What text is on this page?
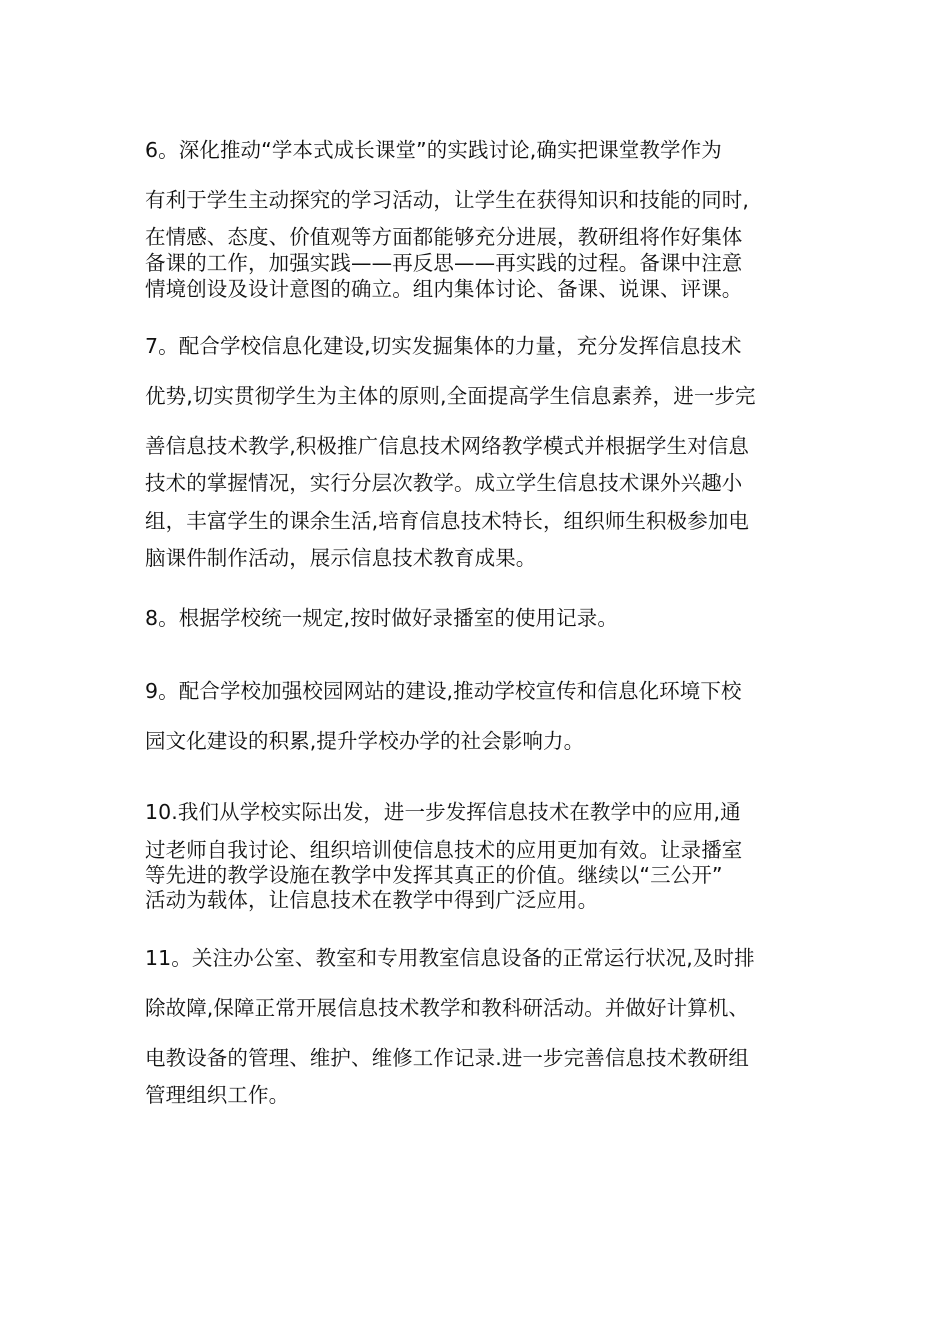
6。深化推动“学本式成长课堂”的实践讨论,确实把课堂教学作为
有利于学生主动探究的学习活动，让学生在获得知识和技能的同时,
在情感、态度、价值观等方面都能够充分进展，教研组将作好集体
备课的工作，加强实践——再反思——再实践的过程。备课中注意
情境创设及设计意图的确立。组内集体讨论、备课、说课、评课。
7。配合学校信息化建设,切实发掘集体的力量，充分发挥信息技术
优势,切实贯彻学生为主体的原则,全面提高学生信息素养，进一步完
善信息技术教学,积极推广信息技术网络教学模式并根据学生对信息
技术的掌握情况，实行分层次教学。成立学生信息技术课外兴趣小
组，丰富学生的课余生活,培育信息技术特长，组织师生积极参加电
脑课件制作活动，展示信息技术教育成果。
8。根据学校统一规定,按时做好录播室的使用记录。
9。配合学校加强校园网站的建设,推动学校宣传和信息化环境下校
园文化建设的积累,提升学校办学的社会影响力。
10.我们从学校实际出发，进一步发挥信息技术在教学中的应用,通
过老师自我讨论、组织培训使信息技术的应用更加有效。让录播室
等先进的教学设施在教学中发挥其真正的价值。继续以“三公开”
活动为载体，让信息技术在教学中得到广泛应用。
11。关注办公室、教室和专用教室信息设备的正常运行状况,及时排
除故障,保障正常开展信息技术教学和教科研活动。并做好计算机、
电教设备的管理、维护、维修工作记录.进一步完善信息技术教研组
管理组织工作。
